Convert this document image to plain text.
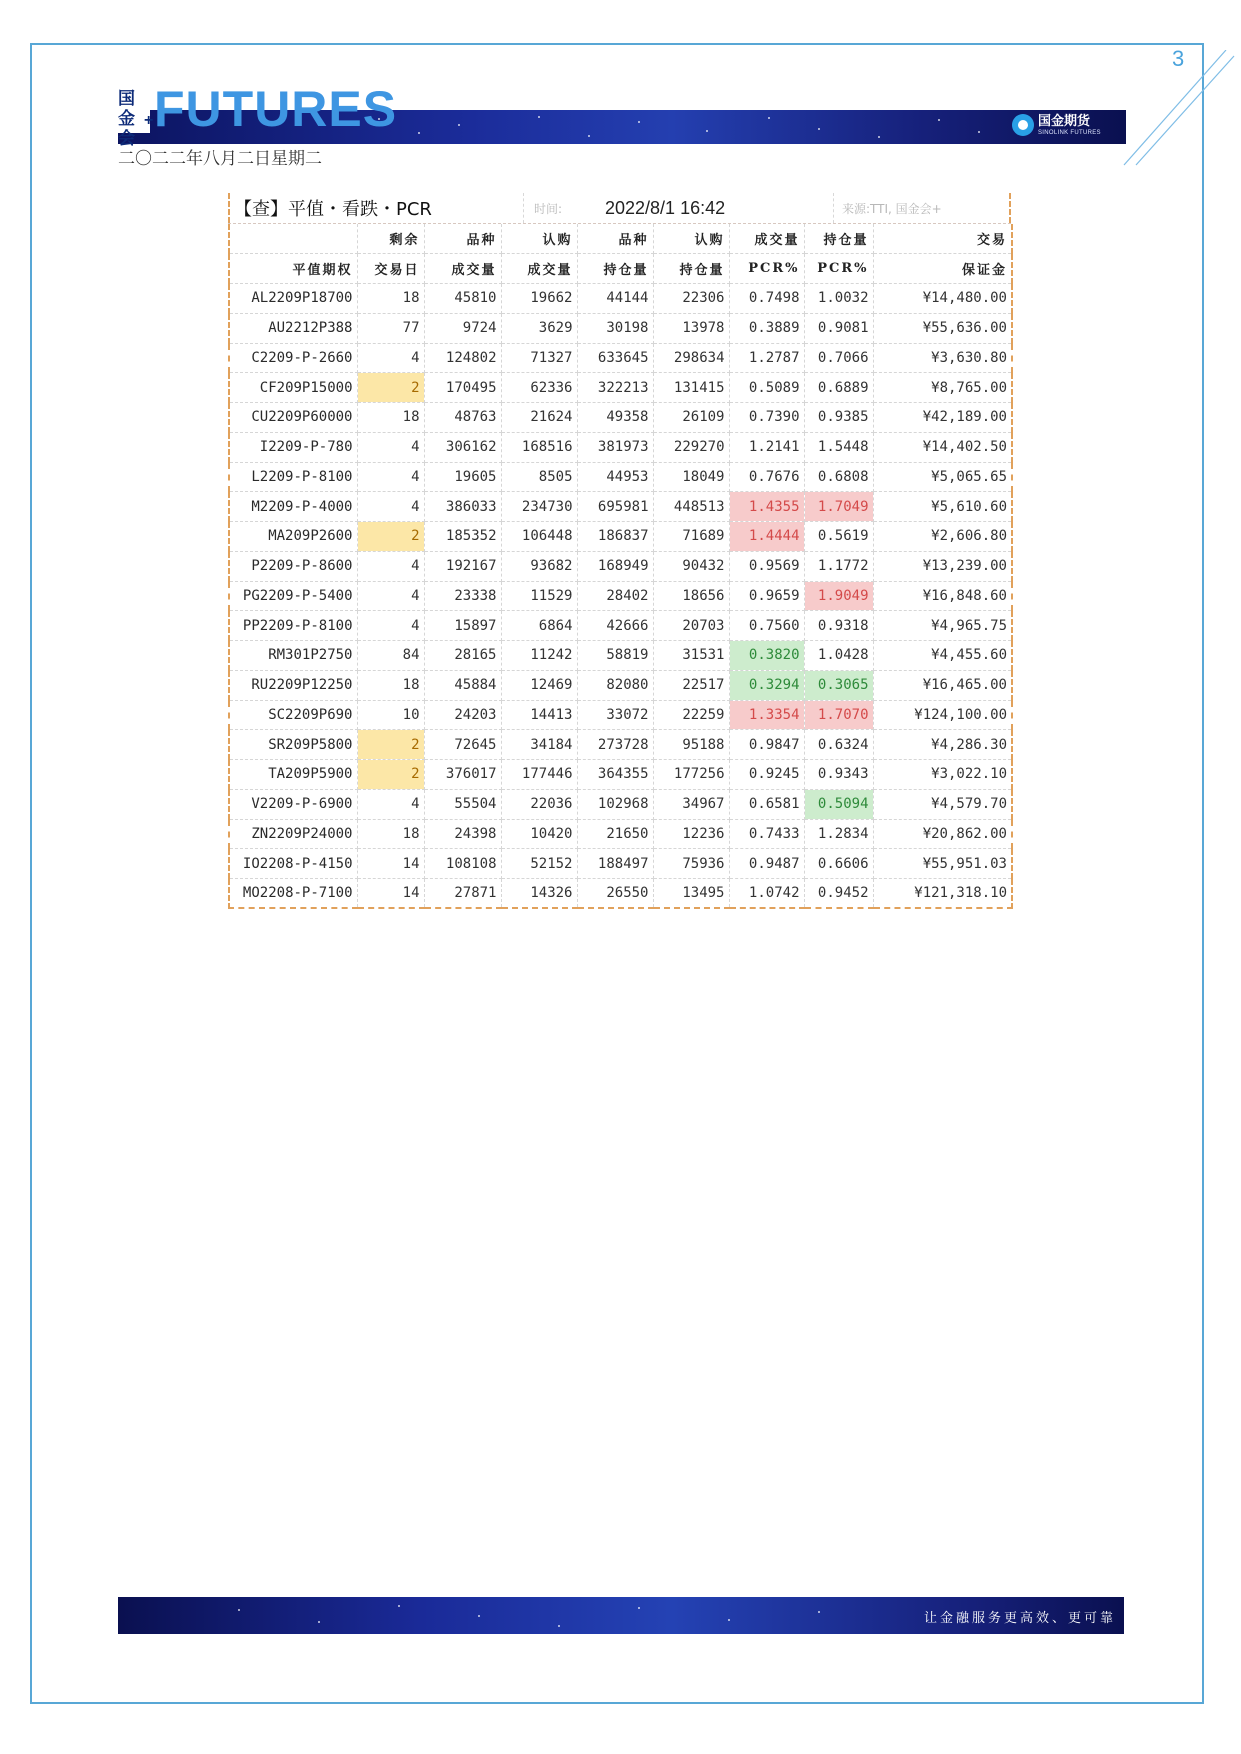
3
国金
会
+ FUTURES	国金期货
SINOLINK FUTURES
二〇二二年八月二日星期二
【查】平值・看跌・PCR	时间:	2022/8/1 16:42	来源:TTI, 国金会+
	剩余	品种	认购	品种	认购	成交量	持仓量	交易
平值期权	交易日	成交量	成交量	持仓量	持仓量	PCR%	PCR%	保证金
AL2209P18700	18	45810	19662	44144	22306	0.7498	1.0032	¥14,480.00
AU2212P388	77	9724	3629	30198	13978	0.3889	0.9081	¥55,636.00
C2209-P-2660	4	124802	71327	633645	298634	1.2787	0.7066	¥3,630.80
CF209P15000	2	170495	62336	322213	131415	0.5089	0.6889	¥8,765.00
CU2209P60000	18	48763	21624	49358	26109	0.7390	0.9385	¥42,189.00
I2209-P-780	4	306162	168516	381973	229270	1.2141	1.5448	¥14,402.50
L2209-P-8100	4	19605	8505	44953	18049	0.7676	0.6808	¥5,065.65
M2209-P-4000	4	386033	234730	695981	448513	1.4355	1.7049	¥5,610.60
MA209P2600	2	185352	106448	186837	71689	1.4444	0.5619	¥2,606.80
P2209-P-8600	4	192167	93682	168949	90432	0.9569	1.1772	¥13,239.00
PG2209-P-5400	4	23338	11529	28402	18656	0.9659	1.9049	¥16,848.60
PP2209-P-8100	4	15897	6864	42666	20703	0.7560	0.9318	¥4,965.75
RM301P2750	84	28165	11242	58819	31531	0.3820	1.0428	¥4,455.60
RU2209P12250	18	45884	12469	82080	22517	0.3294	0.3065	¥16,465.00
SC2209P690	10	24203	14413	33072	22259	1.3354	1.7070	¥124,100.00
SR209P5800	2	72645	34184	273728	95188	0.9847	0.6324	¥4,286.30
TA209P5900	2	376017	177446	364355	177256	0.9245	0.9343	¥3,022.10
V2209-P-6900	4	55504	22036	102968	34967	0.6581	0.5094	¥4,579.70
ZN2209P24000	18	24398	10420	21650	12236	0.7433	1.2834	¥20,862.00
IO2208-P-4150	14	108108	52152	188497	75936	0.9487	0.6606	¥55,951.03
MO2208-P-7100	14	27871	14326	26550	13495	1.0742	0.9452	¥121,318.10
让金融服务更高效、更可靠
